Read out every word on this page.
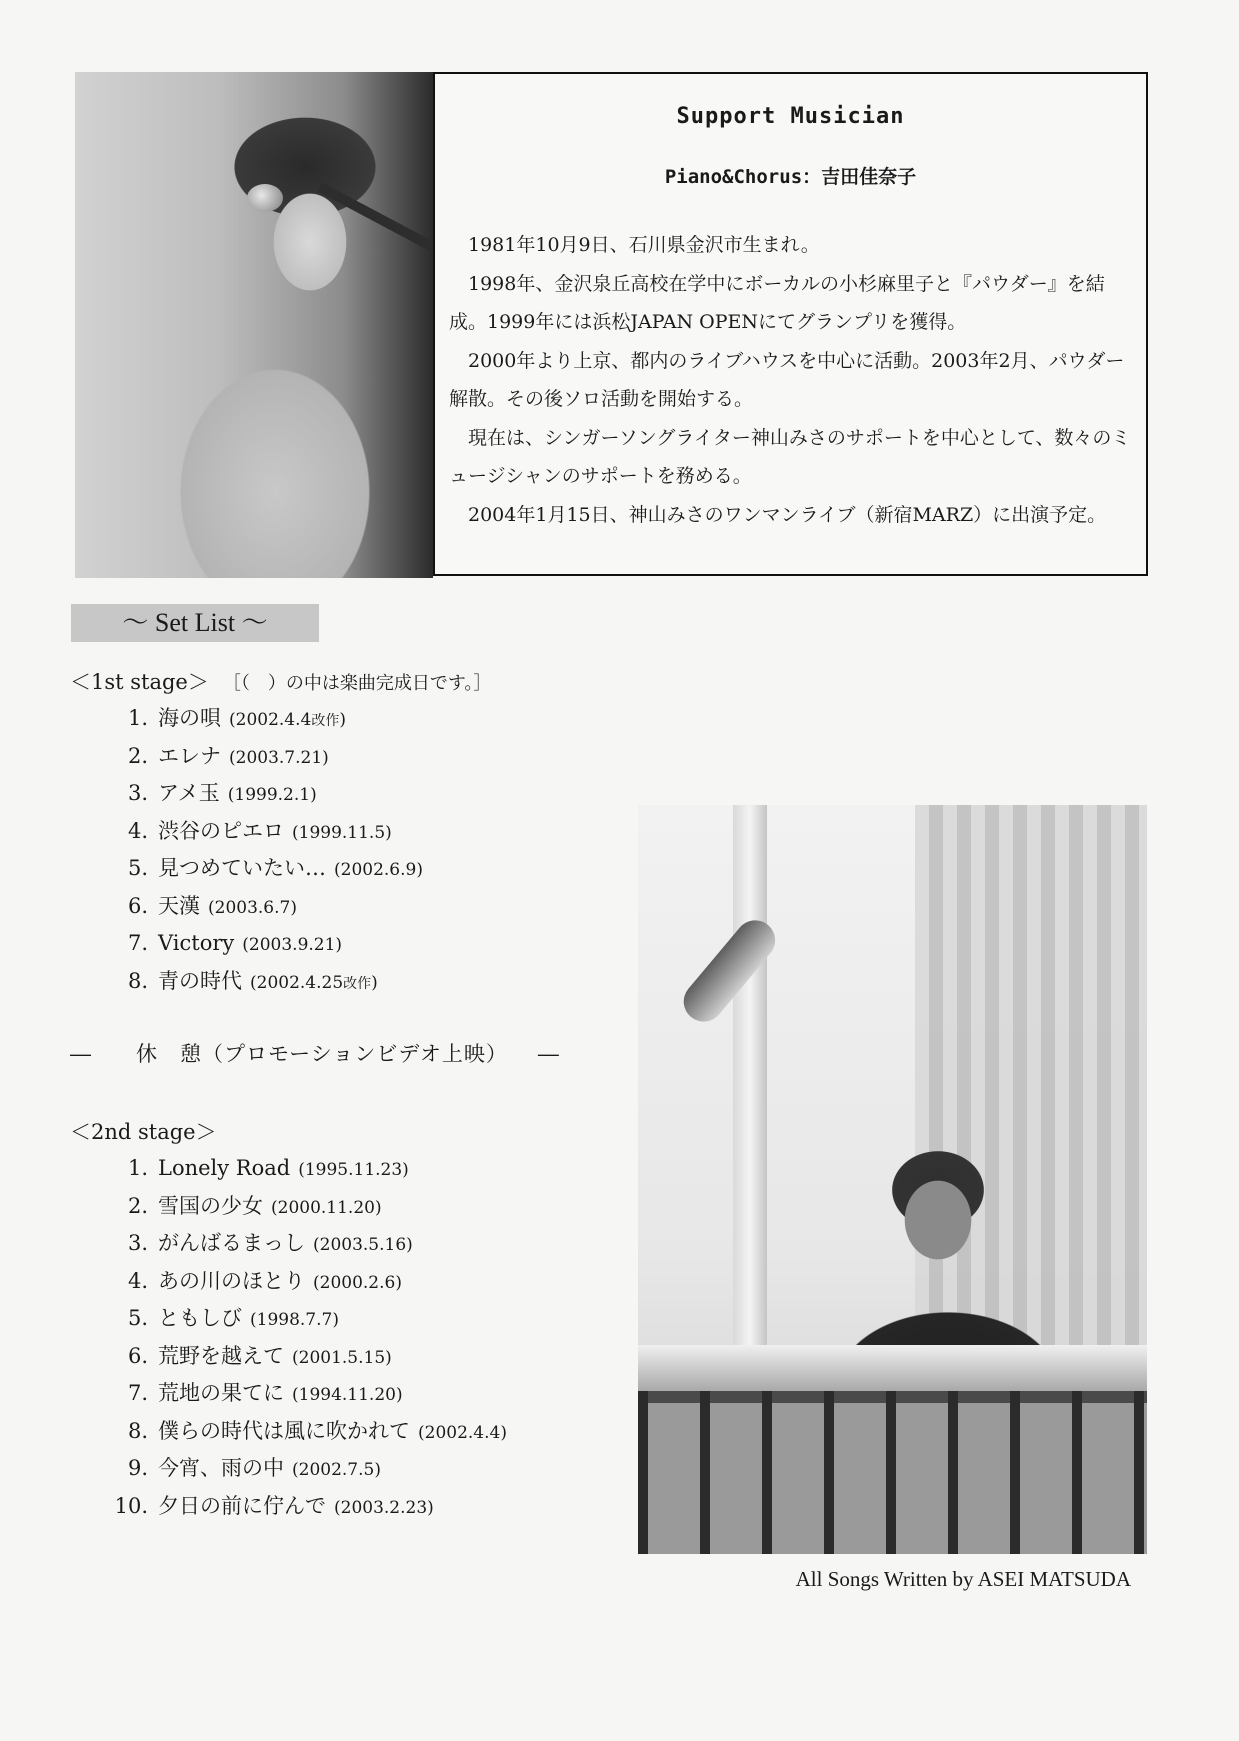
Support Musician
Piano&Chorus：吉田佳奈子

1981年10月9日、石川県金沢市生まれ。

1998年、金沢泉丘高校在学中にボーカルの小杉麻里子と『パウダー』を結成。1999年には浜松JAPAN OPENにてグランプリを獲得。

2000年より上京、都内のライブハウスを中心に活動。2003年2月、パウダー解散。その後ソロ活動を開始する。

現在は、シンガーソングライター神山みさのサポートを中心として、数々のミュージシャンのサポートを務める。

2004年1月15日、神山みさのワンマンライブ（新宿MARZ）に出演予定。

～ Set List ～
＜1st stage＞ ［（　）の中は楽曲完成日です。］
1. 海の唄 (2002.4.4改作)
2. エレナ (2003.7.21)
3. アメ玉 (1999.2.1)
4. 渋谷のピエロ (1999.11.5)
5. 見つめていたい… (2002.6.9)
6. 天漢 (2003.6.7)
7. Victory (2003.9.21)
8. 青の時代 (2002.4.25改作)
― 休　憩（プロモーションビデオ上映） ―
＜2nd stage＞
1. Lonely Road (1995.11.23)
2. 雪国の少女 (2000.11.20)
3. がんばるまっし (2003.5.16)
4. あの川のほとり (2000.2.6)
5. ともしび (1998.7.7)
6. 荒野を越えて (2001.5.15)
7. 荒地の果てに (1994.11.20)
8. 僕らの時代は風に吹かれて (2002.4.4)
9. 今宵、雨の中 (2002.7.5)
10. 夕日の前に佇んで (2003.2.23)
All Songs Written by ASEI MATSUDA
